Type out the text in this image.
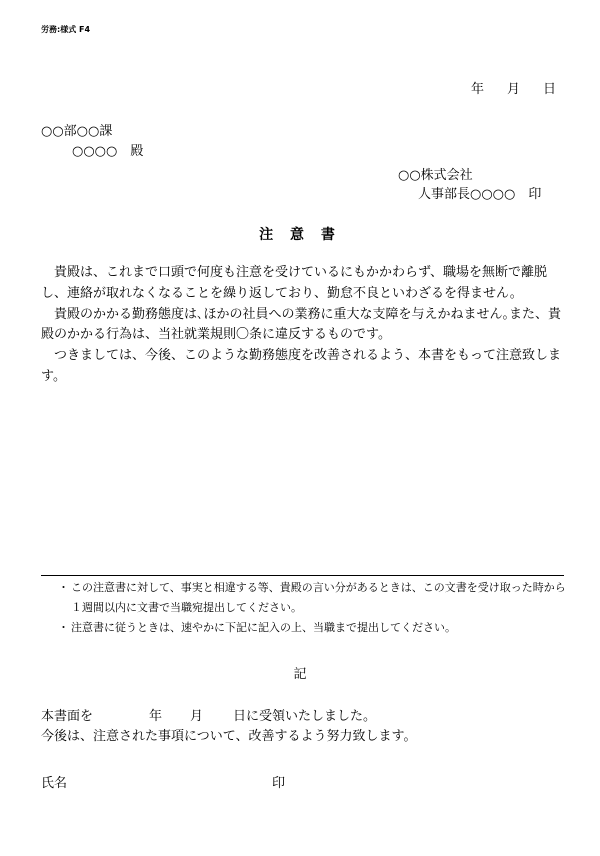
労務:様式 F4
年 月 日
○○部○○課
○○○○　殿
○○株式会社
人事部長○○○○　印
注 意 書

貴殿は、これまで口頭で何度も注意を受けているにもかかわらず、職場を無断で離脱し、連絡が取れなくなることを繰り返しており、勤怠不良といわざるを得ません。

貴殿のかかる勤務態度は､ほかの社員への業務に重大な支障を与えかねません｡また、貴殿のかかる行為は、当社就業規則〇条に違反するものです。

つきましては、今後、このような勤務態度を改善されるよう、本書をもって注意致します。

・ この注意書に対して、事実と相違する等、貴殿の言い分があるときは、この文書を受け取った時から１週間以内に文書で当職宛提出してください。
・ 注意書に従うときは、速やかに下記に記入の上、当職まで提出してください。
記
本書面を	年 月 日に受領いたしました。
今後は、注意された事項について、改善するよう努力致します。
氏名	印
